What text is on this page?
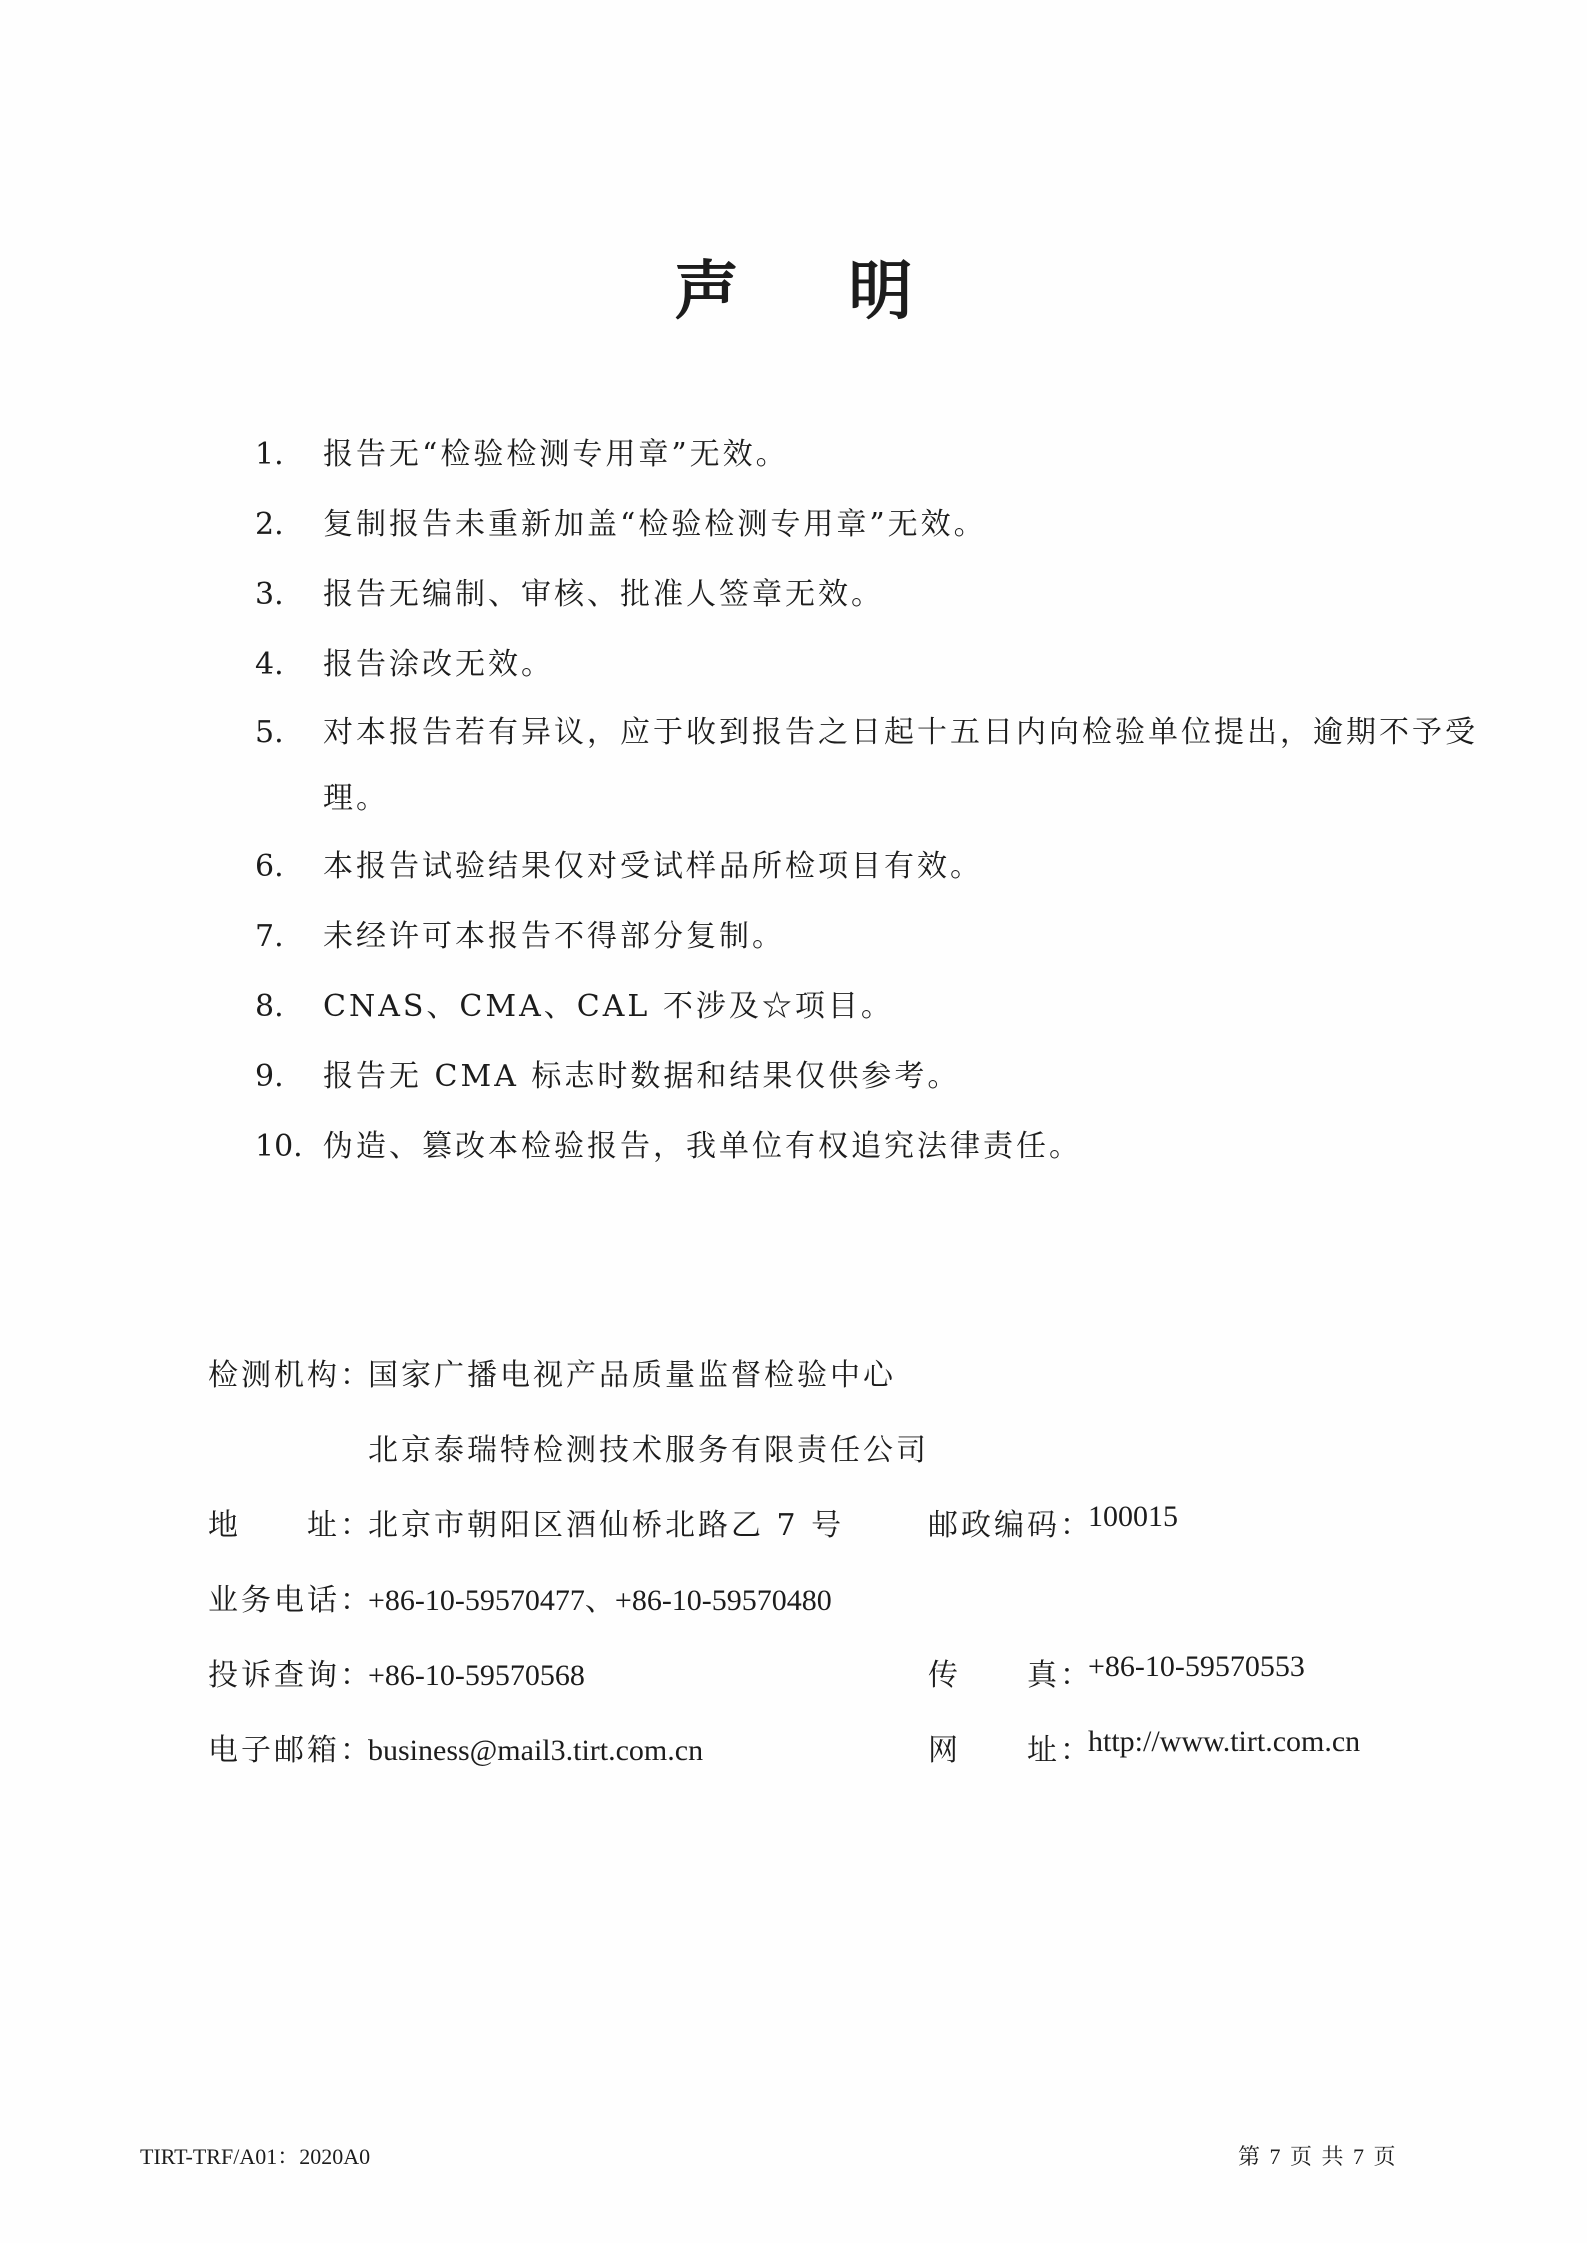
声 明
1. 报告无“检验检测专用章”无效。
2. 复制报告未重新加盖“检验检测专用章”无效。
3. 报告无编制、审核、批准人签章无效。
4. 报告涂改无效。
5. 对本报告若有异议，应于收到报告之日起十五日内向检验单位提出，逾期不予受理。
6. 本报告试验结果仅对受试样品所检项目有效。
7. 未经许可本报告不得部分复制。
8. CNAS、CMA、CAL 不涉及☆项目。
9. 报告无 CMA 标志时数据和结果仅供参考。
10. 伪造、篡改本检验报告，我单位有权追究法律责任。
检测机构：国家广播电视产品质量监督检验中心
北京泰瑞特检测技术服务有限责任公司
地　　址：北京市朝阳区酒仙桥北路乙 7 号	邮政编码：
100015
业务电话：+86-10-59570477、+86-10-59570480
投诉查询：+86-10-59570568	传　　真：
+86-10-59570553
电子邮箱：business@mail3.tirt.com.cn	网　　址：
http://www.tirt.com.cn
TIRT-TRF/A01：2020A0	第 7 页 共 7 页
